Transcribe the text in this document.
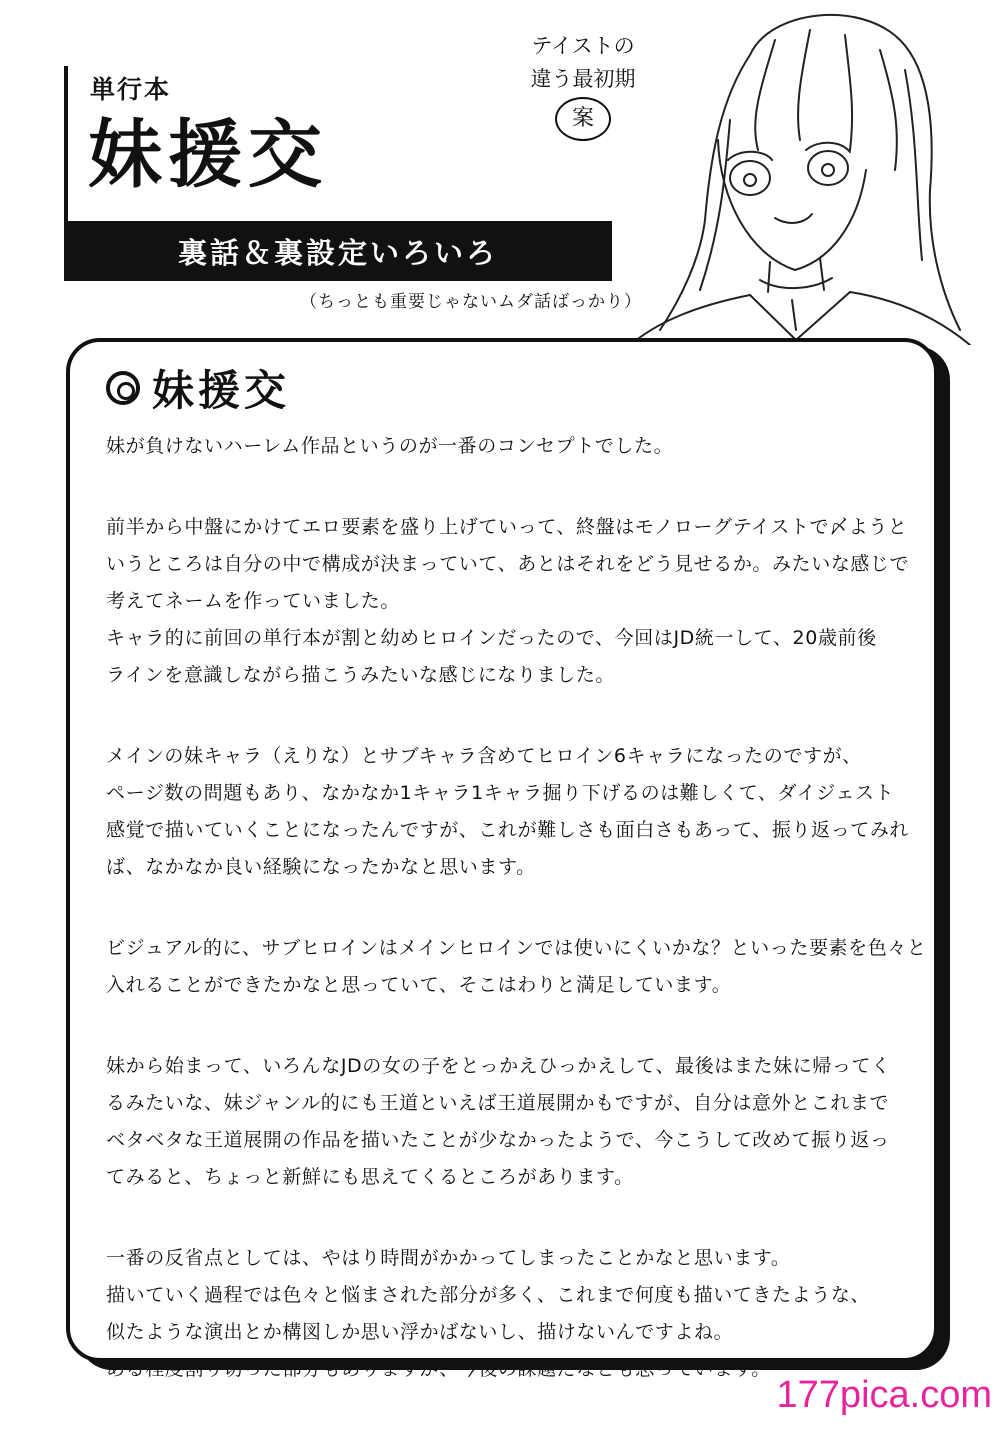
単行本
妹援交
裏話＆裏設定いろいろ
（ちっとも重要じゃないムダ話ばっかり）
テイストの
違う最初期
案
妹援交
妹が負けないハーレム作品というのが一番のコンセプトでした。
前半から中盤にかけてエロ要素を盛り上げていって、終盤はモノローグテイストで〆ようと
いうところは自分の中で構成が決まっていて、あとはそれをどう見せるか。みたいな感じで
考えてネームを作っていました。
キャラ的に前回の単行本が割と幼めヒロインだったので、今回はJD統一して、20歳前後
ラインを意識しながら描こうみたいな感じになりました。
メインの妹キャラ（えりな）とサブキャラ含めてヒロイン6キャラになったのですが、
ページ数の問題もあり、なかなか1キャラ1キャラ掘り下げるのは難しくて、ダイジェスト
感覚で描いていくことになったんですが、これが難しさも面白さもあって、振り返ってみれ
ば、なかなか良い経験になったかなと思います。
ビジュアル的に、サブヒロインはメインヒロインでは使いにくいかな？といった要素を色々と
入れることができたかなと思っていて、そこはわりと満足しています。
妹から始まって、いろんなJDの女の子をとっかえひっかえして、最後はまた妹に帰ってく
るみたいな、妹ジャンル的にも王道といえば王道展開かもですが、自分は意外とこれまで
ベタベタな王道展開の作品を描いたことが少なかったようで、今こうして改めて振り返っ
てみると、ちょっと新鮮にも思えてくるところがあります。
一番の反省点としては、やはり時間がかかってしまったことかなと思います。
描いていく過程では色々と悩まされた部分が多く、これまで何度も描いてきたような、
似たような演出とか構図しか思い浮かばないし、描けないんですよね。
ある程度割り切った部分もありますが、今後の課題だなとも思っています。
177pica.com
